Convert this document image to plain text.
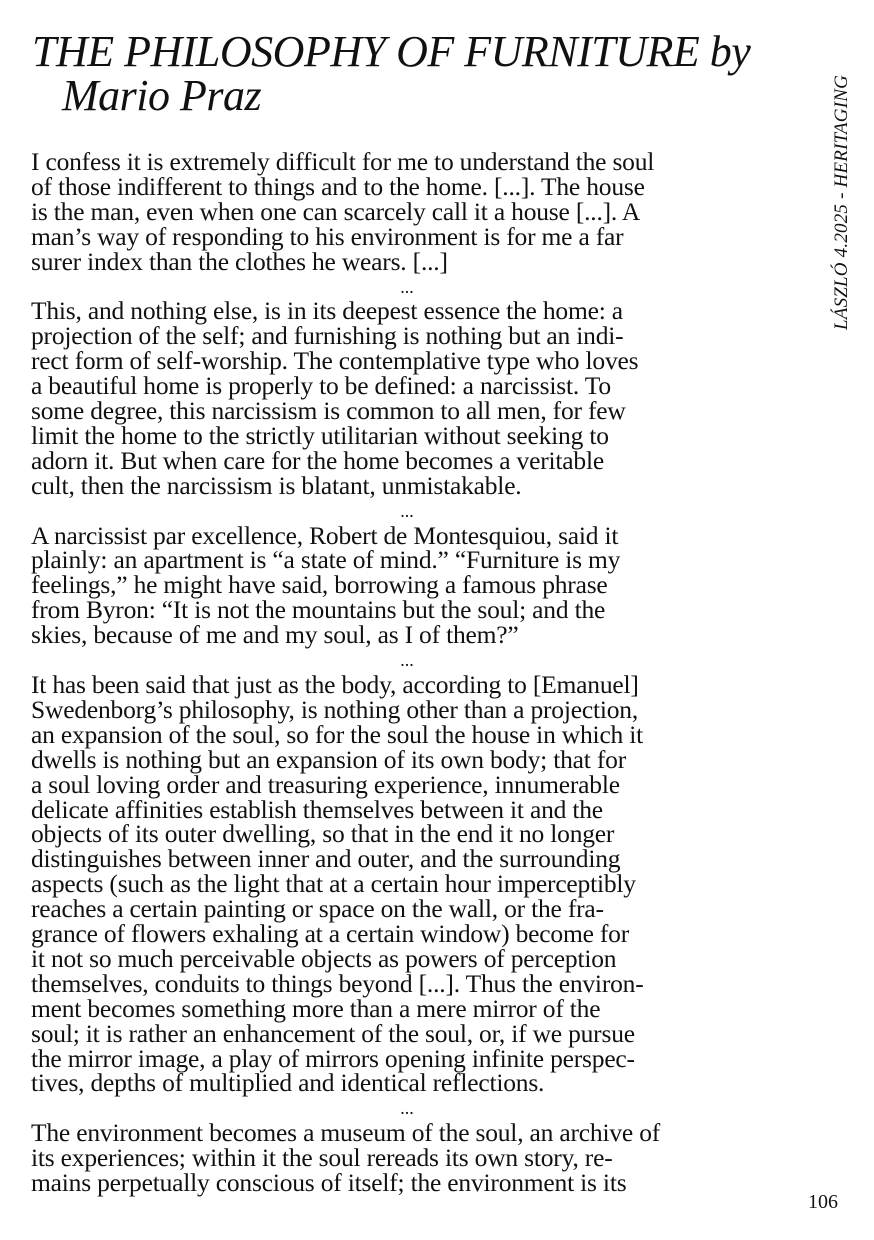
THE PHILOSOPHY OF FURNITURE by
Mario Praz	LÁSZLÓ 4.2025 - HERITAGING

I confess it is extremely difficult for me to understand the soul
of those indifferent to things and to the home. [...]. The house
is the man, even when one can scarcely call it a house [...]. A
man’s way of responding to his environment is for me a far
surer index than the clothes he wears. [...]

...

This, and nothing else, is in its deepest essence the home: a
projection of the self; and furnishing is nothing but an indi-
rect form of self-worship. The contemplative type who loves
a beautiful home is properly to be defined: a narcissist. To
some degree, this narcissism is common to all men, for few
limit the home to the strictly utilitarian without seeking to
adorn it. But when care for the home becomes a veritable
cult, then the narcissism is blatant, unmistakable.

...

A narcissist par excellence, Robert de Montesquiou, said it
plainly: an apartment is “a state of mind.” “Furniture is my
feelings,” he might have said, borrowing a famous phrase
from Byron: “It is not the mountains but the soul; and the
skies, because of me and my soul, as I of them?”

...

It has been said that just as the body, according to [Emanuel]
Swedenborg’s philosophy, is nothing other than a projection,
an expansion of the soul, so for the soul the house in which it
dwells is nothing but an expansion of its own body; that for
a soul loving order and treasuring experience, innumerable
delicate affinities establish themselves between it and the
objects of its outer dwelling, so that in the end it no longer
distinguishes between inner and outer, and the surrounding
aspects (such as the light that at a certain hour imperceptibly
reaches a certain painting or space on the wall, or the fra-
grance of flowers exhaling at a certain window) become for
it not so much perceivable objects as powers of perception
themselves, conduits to things beyond [...]. Thus the environ-
ment becomes something more than a mere mirror of the
soul; it is rather an enhancement of the soul, or, if we pursue
the mirror image, a play of mirrors opening infinite perspec-
tives, depths of multiplied and identical reflections.

...

The environment becomes a museum of the soul, an archive of
its experiences; within it the soul rereads its own story, re-
mains perpetually conscious of itself; the environment is its

106
